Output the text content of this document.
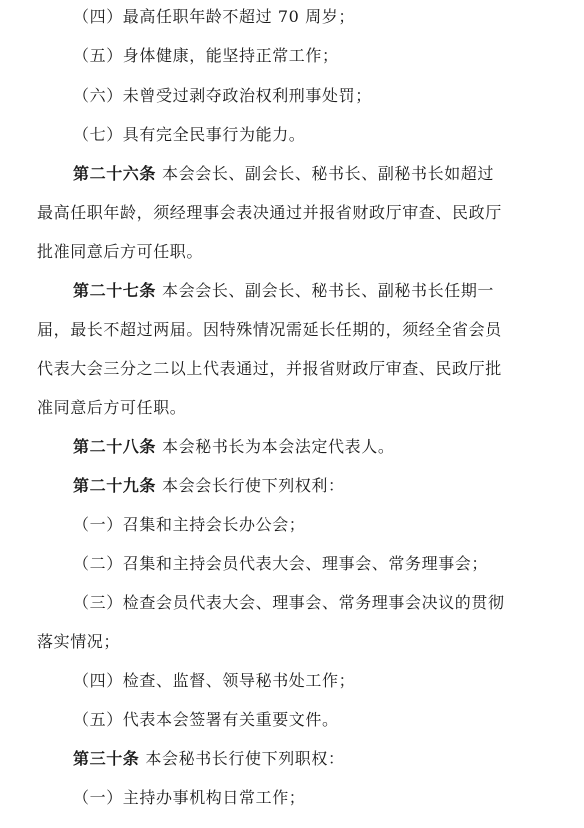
（四）最高任职年龄不超过 70 周岁；
（五）身体健康，能坚持正常工作；
（六）未曾受过剥夺政治权利刑事处罚；
（七）具有完全民事行为能力。
第二十六条 本会会长、副会长、秘书长、副秘书长如超过
最高任职年龄，须经理事会表决通过并报省财政厅审查、民政厅
批准同意后方可任职。
第二十七条 本会会长、副会长、秘书长、副秘书长任期一
届，最长不超过两届。因特殊情况需延长任期的，须经全省会员
代表大会三分之二以上代表通过，并报省财政厅审查、民政厅批
准同意后方可任职。
第二十八条 本会秘书长为本会法定代表人。
第二十九条 本会会长行使下列权利：
（一）召集和主持会长办公会；
（二）召集和主持会员代表大会、理事会、常务理事会；
（三）检查会员代表大会、理事会、常务理事会决议的贯彻
落实情况；
（四）检查、监督、领导秘书处工作；
（五）代表本会签署有关重要文件。
第三十条 本会秘书长行使下列职权：
（一）主持办事机构日常工作；
